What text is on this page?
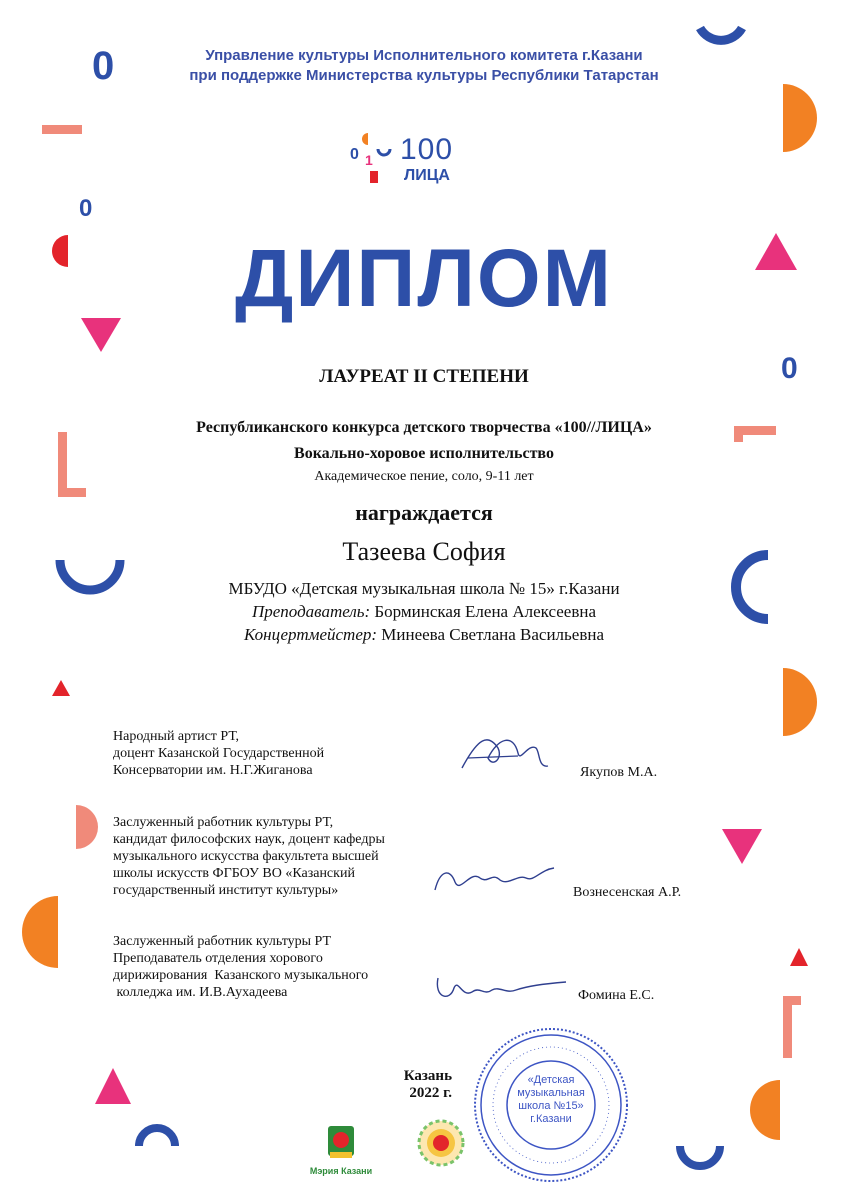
0
0
0
Управление культуры Исполнительного комитета г.Казани
при поддержке Министерства культуры Республики Татарстан
0 1 100
ЛИЦА
ДИПЛОМ
ЛАУРЕАТ II СТЕПЕНИ
Республиканского конкурса детского творчества «100//ЛИЦА»
Вокально-хоровое исполнительство
Академическое пение, соло, 9-11 лет
награждается
Тазеева София
МБУДО «Детская музыкальная школа № 15» г.Казани
Преподаватель: Борминская Елена Алексеевна
Концертмейстер: Минеева Светлана Васильевна
Народный артист РТ,
доцент Казанской Государственной
Консерватории им. Н.Г.Жиганова	Якупов М.А.
Заслуженный работник культуры РТ,
кандидат философских наук, доцент кафедры
музыкального искусства факультета высшей
школы искусств ФГБОУ ВО «Казанский
государственный институт культуры»	Вознесенская А.Р.
Заслуженный работник культуры РТ
Преподаватель отделения хорового
дирижирования  Казанского музыкального
колледжа им. И.В.Аухадеева	Фомина Е.С.
Казань
2022 г.
«Детская
музыкальная
школа №15»
г.Казани
Мэрия Казани
